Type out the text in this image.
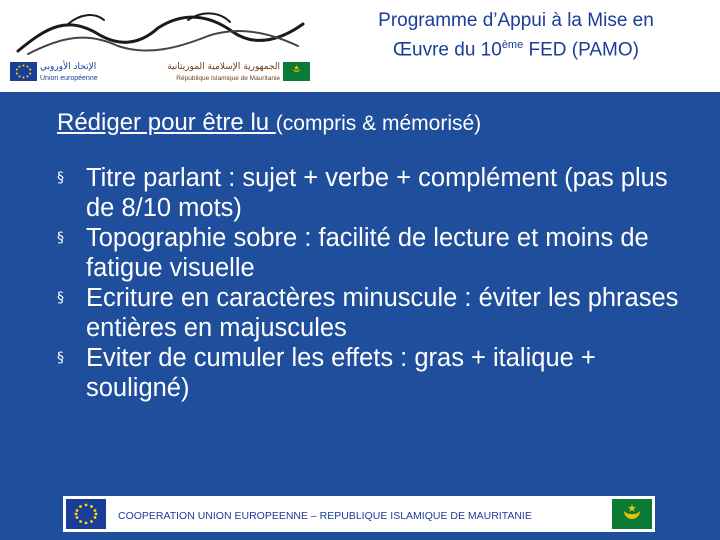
الإتحاد الأوروبي
Union européenne
الجمهورية الإسلامية الموريتانية
République Islamique de Mauritanie
Programme d’Appui à la Mise en
Œuvre du 10ème FED (PAMO)
Rédiger pour être lu (compris & mémorisé)
§ Titre parlant : sujet + verbe + complément (pas plus de 8/10 mots)
§ Topographie sobre : facilité de lecture et moins de fatigue visuelle
§ Ecriture en caractères minuscule : éviter les phrases entières en majuscules
§ Eviter de cumuler les effets : gras + italique + souligné)
COOPERATION UNION EUROPEENNE – REPUBLIQUE ISLAMIQUE DE MAURITANIE
